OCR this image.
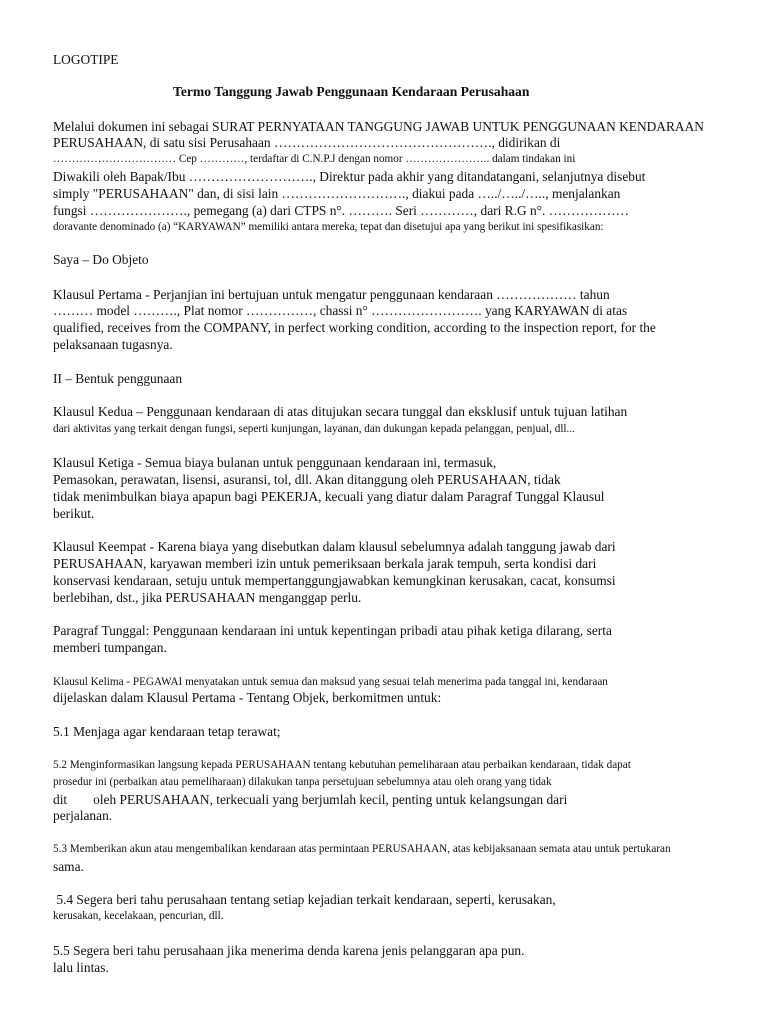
LOGOTIPE
Termo Tanggung Jawab Penggunaan Kendaraan Perusahaan
Melalui dokumen ini sebagai SURAT PERNYATAAN TANGGUNG JAWAB UNTUK PENGGUNAAN KENDARAAN
PERUSAHAAN, di satu sisi Perusahaan …………………………………………., didirikan di
…………………………… Cep …………, terdaftar di C.N.P.J dengan nomor ………………….. dalam tindakan ini
Diwakili oleh Bapak/Ibu ………………………., Direktur pada akhir yang ditandatangani, selanjutnya disebut
simply "PERUSAHAAN" dan, di sisi lain ………………………., diakui pada …../…../….., menjalankan
fungsi …………………., pemegang (a) dari CTPS n°. ………. Seri …………, dari R.G n°. ………………
doravante denominado (a) “KARYAWAN” memiliki antara mereka, tepat dan disetujui apa yang berikut ini spesifikasikan:
Saya – Do Objeto
Klausul Pertama - Perjanjian ini bertujuan untuk mengatur penggunaan kendaraan ……………… tahun
……… model ………., Plat nomor ……………, chassi n° ……………………. yang KARYAWAN di atas
qualified, receives from the COMPANY, in perfect working condition, according to the inspection report, for the
pelaksanaan tugasnya.
II – Bentuk penggunaan
Klausul Kedua – Penggunaan kendaraan di atas ditujukan secara tunggal dan eksklusif untuk tujuan latihan
dari aktivitas yang terkait dengan fungsi, seperti kunjungan, layanan, dan dukungan kepada pelanggan, penjual, dll...
Klausul Ketiga - Semua biaya bulanan untuk penggunaan kendaraan ini, termasuk,
Pemasokan, perawatan, lisensi, asuransi, tol, dll. Akan ditanggung oleh PERUSAHAAN, tidak
tidak menimbulkan biaya apapun bagi PEKERJA, kecuali yang diatur dalam Paragraf Tunggal Klausul
berikut.
Klausul Keempat - Karena biaya yang disebutkan dalam klausul sebelumnya adalah tanggung jawab dari
PERUSAHAAN, karyawan memberi izin untuk pemeriksaan berkala jarak tempuh, serta kondisi dari
konservasi kendaraan, setuju untuk mempertanggungjawabkan kemungkinan kerusakan, cacat, konsumsi
berlebihan, dst., jika PERUSAHAAN menganggap perlu.
Paragraf Tunggal: Penggunaan kendaraan ini untuk kepentingan pribadi atau pihak ketiga dilarang, serta
memberi tumpangan.
Klausul Kelima - PEGAWAI menyatakan untuk semua dan maksud yang sesuai telah menerima pada tanggal ini, kendaraan
dijelaskan dalam Klausul Pertama - Tentang Objek, berkomitmen untuk:
5.1 Menjaga agar kendaraan tetap terawat;
5.2 Menginformasikan langsung kepada PERUSAHAAN tentang kebutuhan pemeliharaan atau perbaikan kendaraan, tidak dapat
prosedur ini (perbaikan atau pemeliharaan) dilakukan tanpa persetujuan sebelumnya atau oleh orang yang tidak
dit oleh PERUSAHAAN, terkecuali yang berjumlah kecil, penting untuk kelangsungan dari
perjalanan.
5.3 Memberikan akun atau mengembalikan kendaraan atas permintaan PERUSAHAAN, atas kebijaksanaan semata atau untuk pertukaran
sama.
5.4 Segera beri tahu perusahaan tentang setiap kejadian terkait kendaraan, seperti, kerusakan,
kerusakan, kecelakaan, pencurian, dll.
5.5 Segera beri tahu perusahaan jika menerima denda karena jenis pelanggaran apa pun.
lalu lintas.
